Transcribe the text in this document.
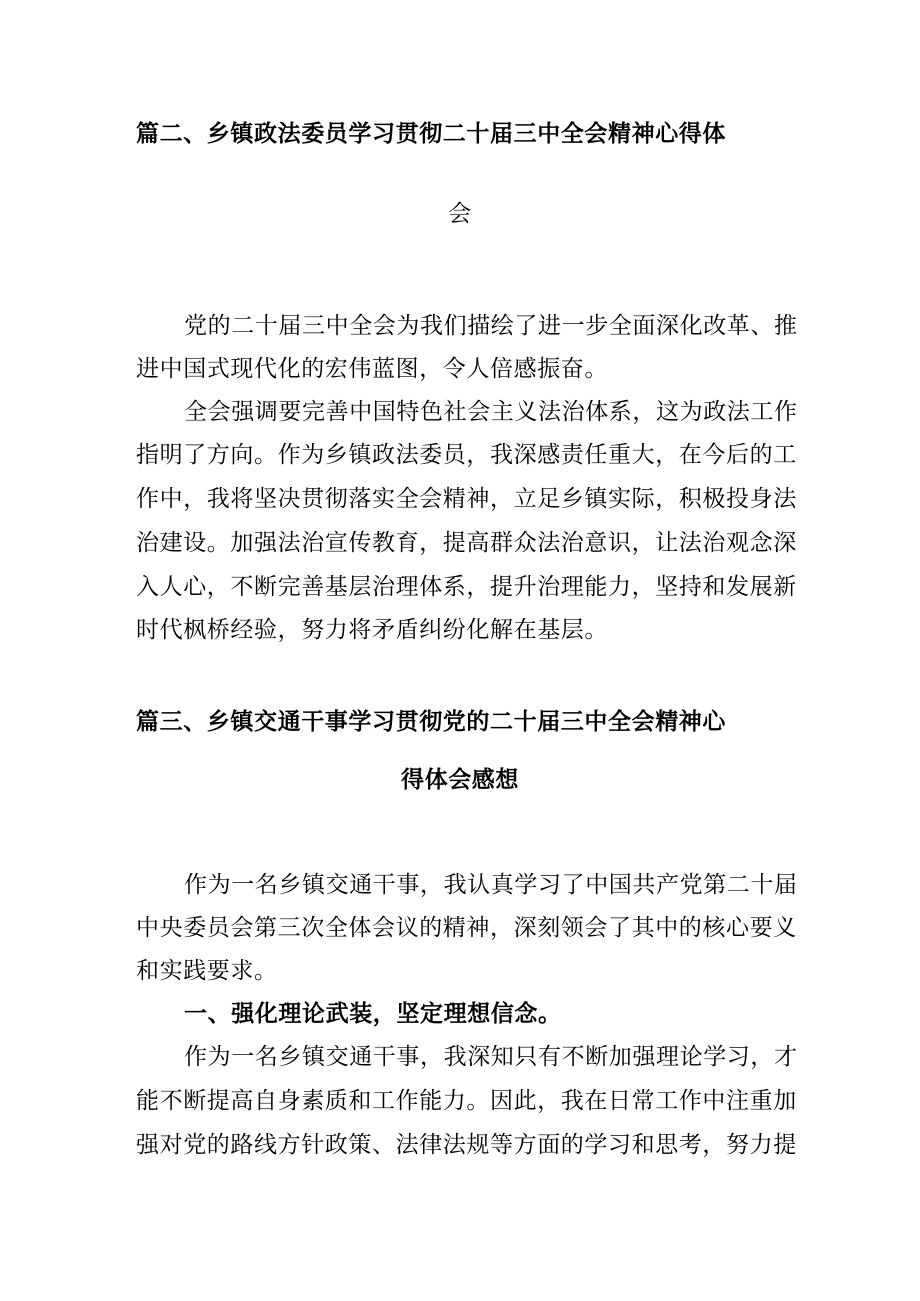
篇二、乡镇政法委员学习贯彻二十届三中全会精神心得体
会
党的二十届三中全会为我们描绘了进一步全面深化改革、推
进中国式现代化的宏伟蓝图，令人倍感振奋。
全会强调要完善中国特色社会主义法治体系，这为政法工作
指明了方向。作为乡镇政法委员，我深感责任重大，在今后的工
作中，我将坚决贯彻落实全会精神，立足乡镇实际，积极投身法
治建设。加强法治宣传教育，提高群众法治意识，让法治观念深
入人心，不断完善基层治理体系，提升治理能力，坚持和发展新
时代枫桥经验，努力将矛盾纠纷化解在基层。
篇三、乡镇交通干事学习贯彻党的二十届三中全会精神心
得体会感想
作为一名乡镇交通干事，我认真学习了中国共产党第二十届
中央委员会第三次全体会议的精神，深刻领会了其中的核心要义
和实践要求。
一、强化理论武装，坚定理想信念。
作为一名乡镇交通干事，我深知只有不断加强理论学习，才
能不断提高自身素质和工作能力。因此，我在日常工作中注重加
强对党的路线方针政策、法律法规等方面的学习和思考，努力提
